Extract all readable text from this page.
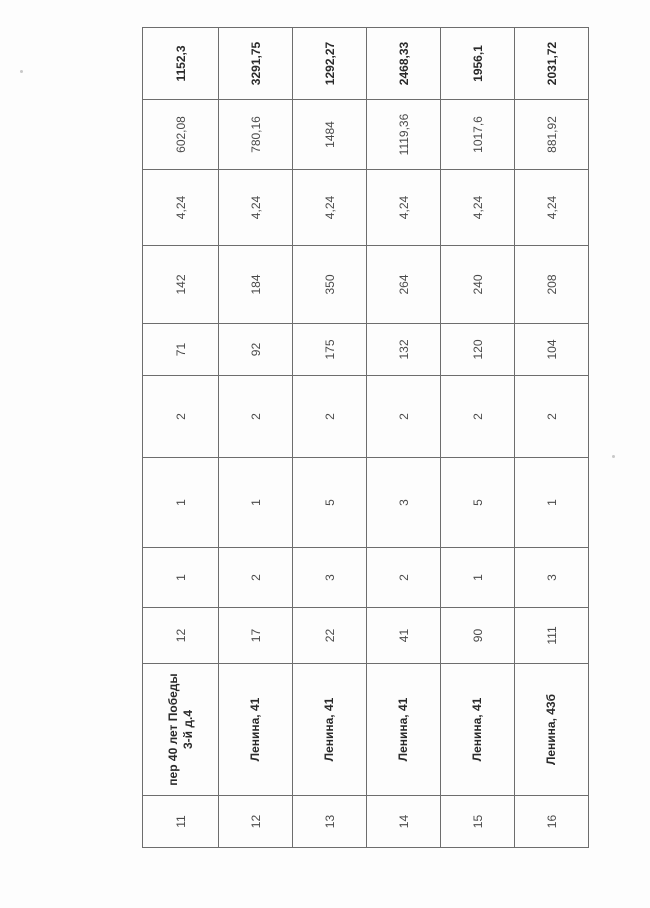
11	пер 40 лет Победы 3-й д.4	12	1	1	2	71	142	4,24	602,08	1152,3
12	Ленина, 41	17	2	1	2	92	184	4,24	780,16	3291,75
13	Ленина, 41	22	3	5	2	175	350	4,24	1484	1292,27
14	Ленина, 41	41	2	3	2	132	264	4,24	1119,36	2468,33
15	Ленина, 41	90	1	5	2	120	240	4,24	1017,6	1956,1
16	Ленина, 43б	111	3	1	2	104	208	4,24	881,92	2031,72
